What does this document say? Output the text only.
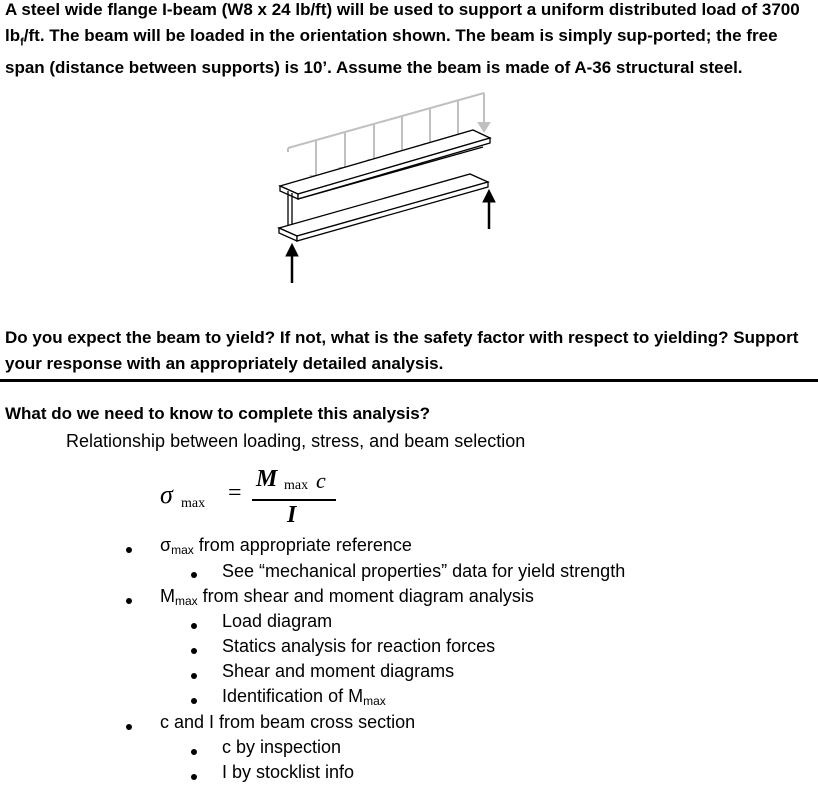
A steel wide flange I-beam (W8 x 24 lb/ft) will be used to support a uniform distributed load of 3700 $lb_f/ft$. The beam will be loaded in the orientation shown. The beam is simply sup-ported; the free span (distance between supports) is 10’. Assume the beam is made of A-36 structural steel.

Do you expect the beam to yield? If not, what is the safety factor with respect to yielding? Support your response with an appropriately detailed analysis.

What do we need to know to complete this analysis?

Relationship between loading, stress, and beam selection

σ max =
M max c
I

$\sigma_{max}$ from appropriate reference

See “mechanical properties” data for yield strength

$M_{max}$ from shear and moment diagram analysis

Load diagram

Statics analysis for reaction forces

Shear and moment diagrams

Identification of $M_{max}$

c and I from beam cross section

c by inspection

I by stocklist info
